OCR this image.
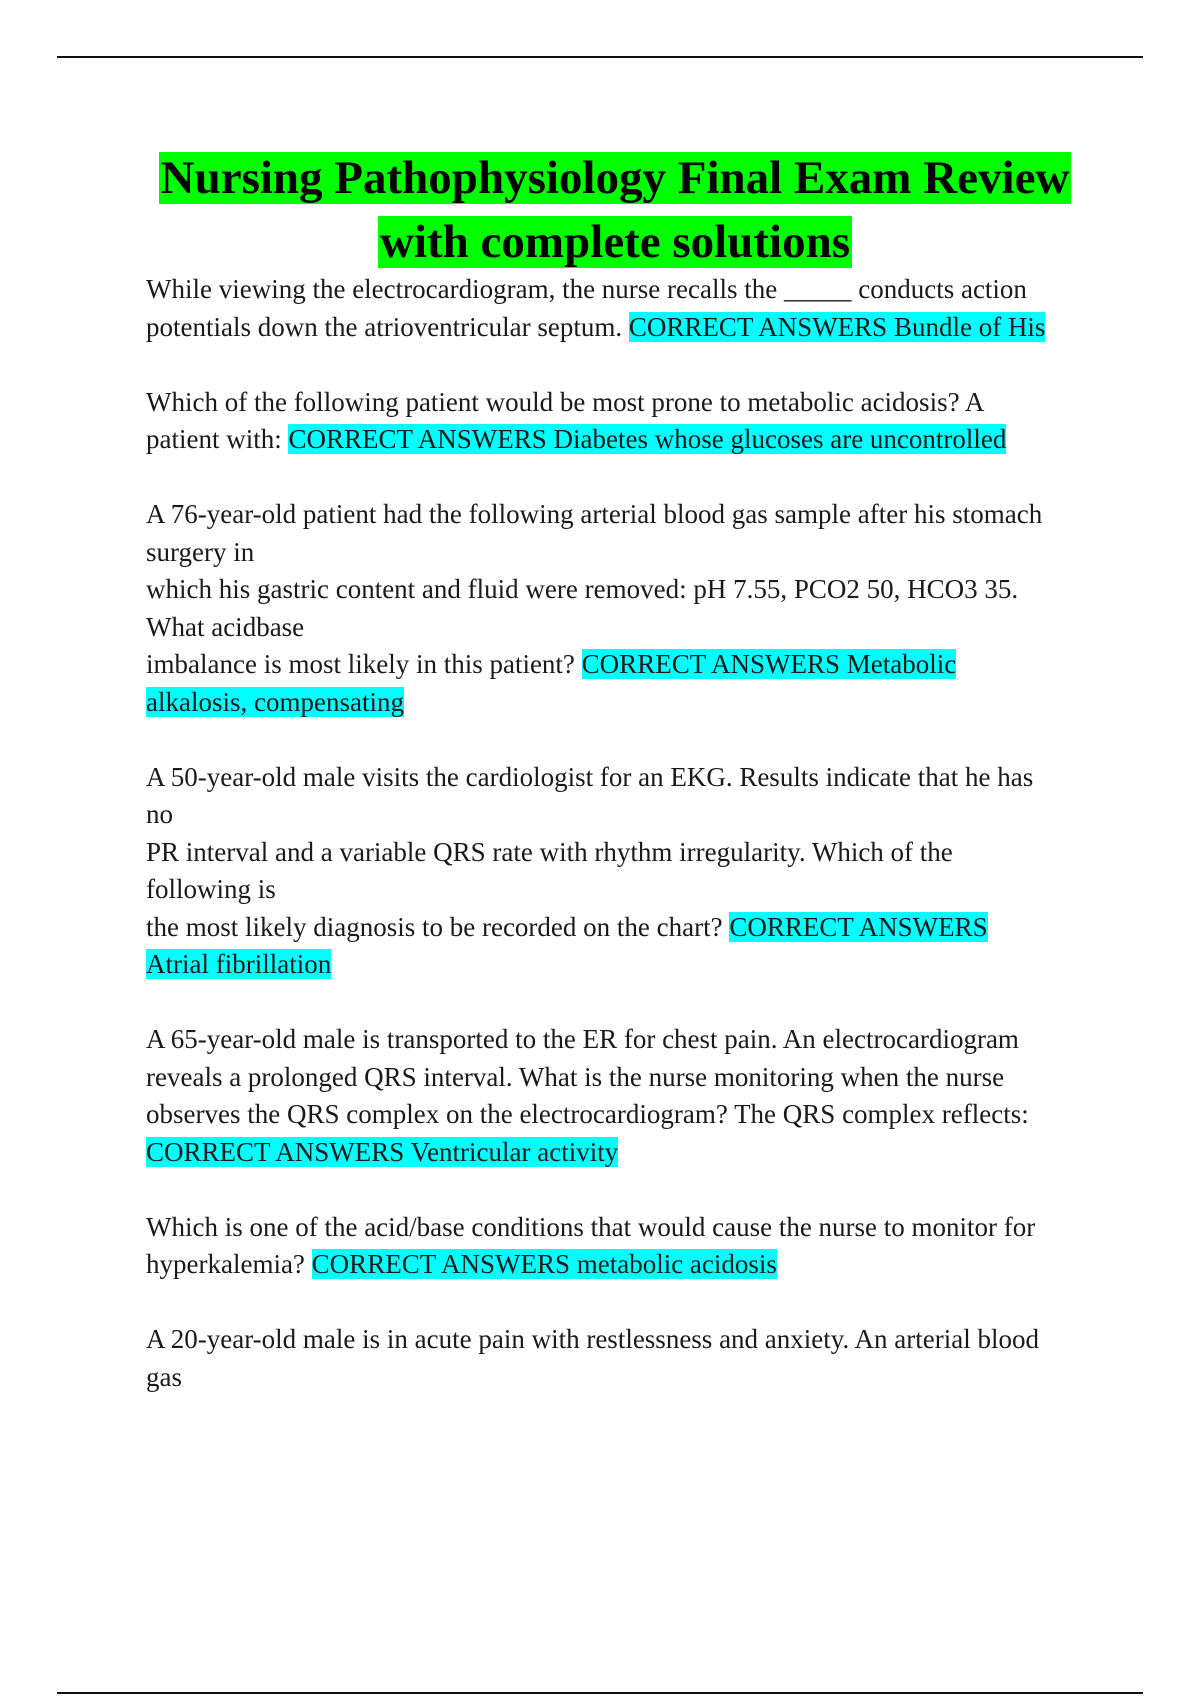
Nursing Pathophysiology Final Exam Review
with complete solutions
While viewing the electrocardiogram, the nurse recalls the _____ conducts action
potentials down the atrioventricular septum. CORRECT ANSWERS Bundle of His
Which of the following patient would be most prone to metabolic acidosis? A
patient with: CORRECT ANSWERS Diabetes whose glucoses are uncontrolled
A 76-year-old patient had the following arterial blood gas sample after his stomach
surgery in
which his gastric content and fluid were removed: pH 7.55, PCO2 50, HCO3 35.
What acidbase
imbalance is most likely in this patient? CORRECT ANSWERS Metabolic
alkalosis, compensating
A 50-year-old male visits the cardiologist for an EKG. Results indicate that he has
no
PR interval and a variable QRS rate with rhythm irregularity. Which of the
following is
the most likely diagnosis to be recorded on the chart? CORRECT ANSWERS
Atrial fibrillation
A 65-year-old male is transported to the ER for chest pain. An electrocardiogram
reveals a prolonged QRS interval. What is the nurse monitoring when the nurse
observes the QRS complex on the electrocardiogram? The QRS complex reflects:
CORRECT ANSWERS Ventricular activity
Which is one of the acid/base conditions that would cause the nurse to monitor for
hyperkalemia? CORRECT ANSWERS metabolic acidosis
A 20-year-old male is in acute pain with restlessness and anxiety. An arterial blood
gas
